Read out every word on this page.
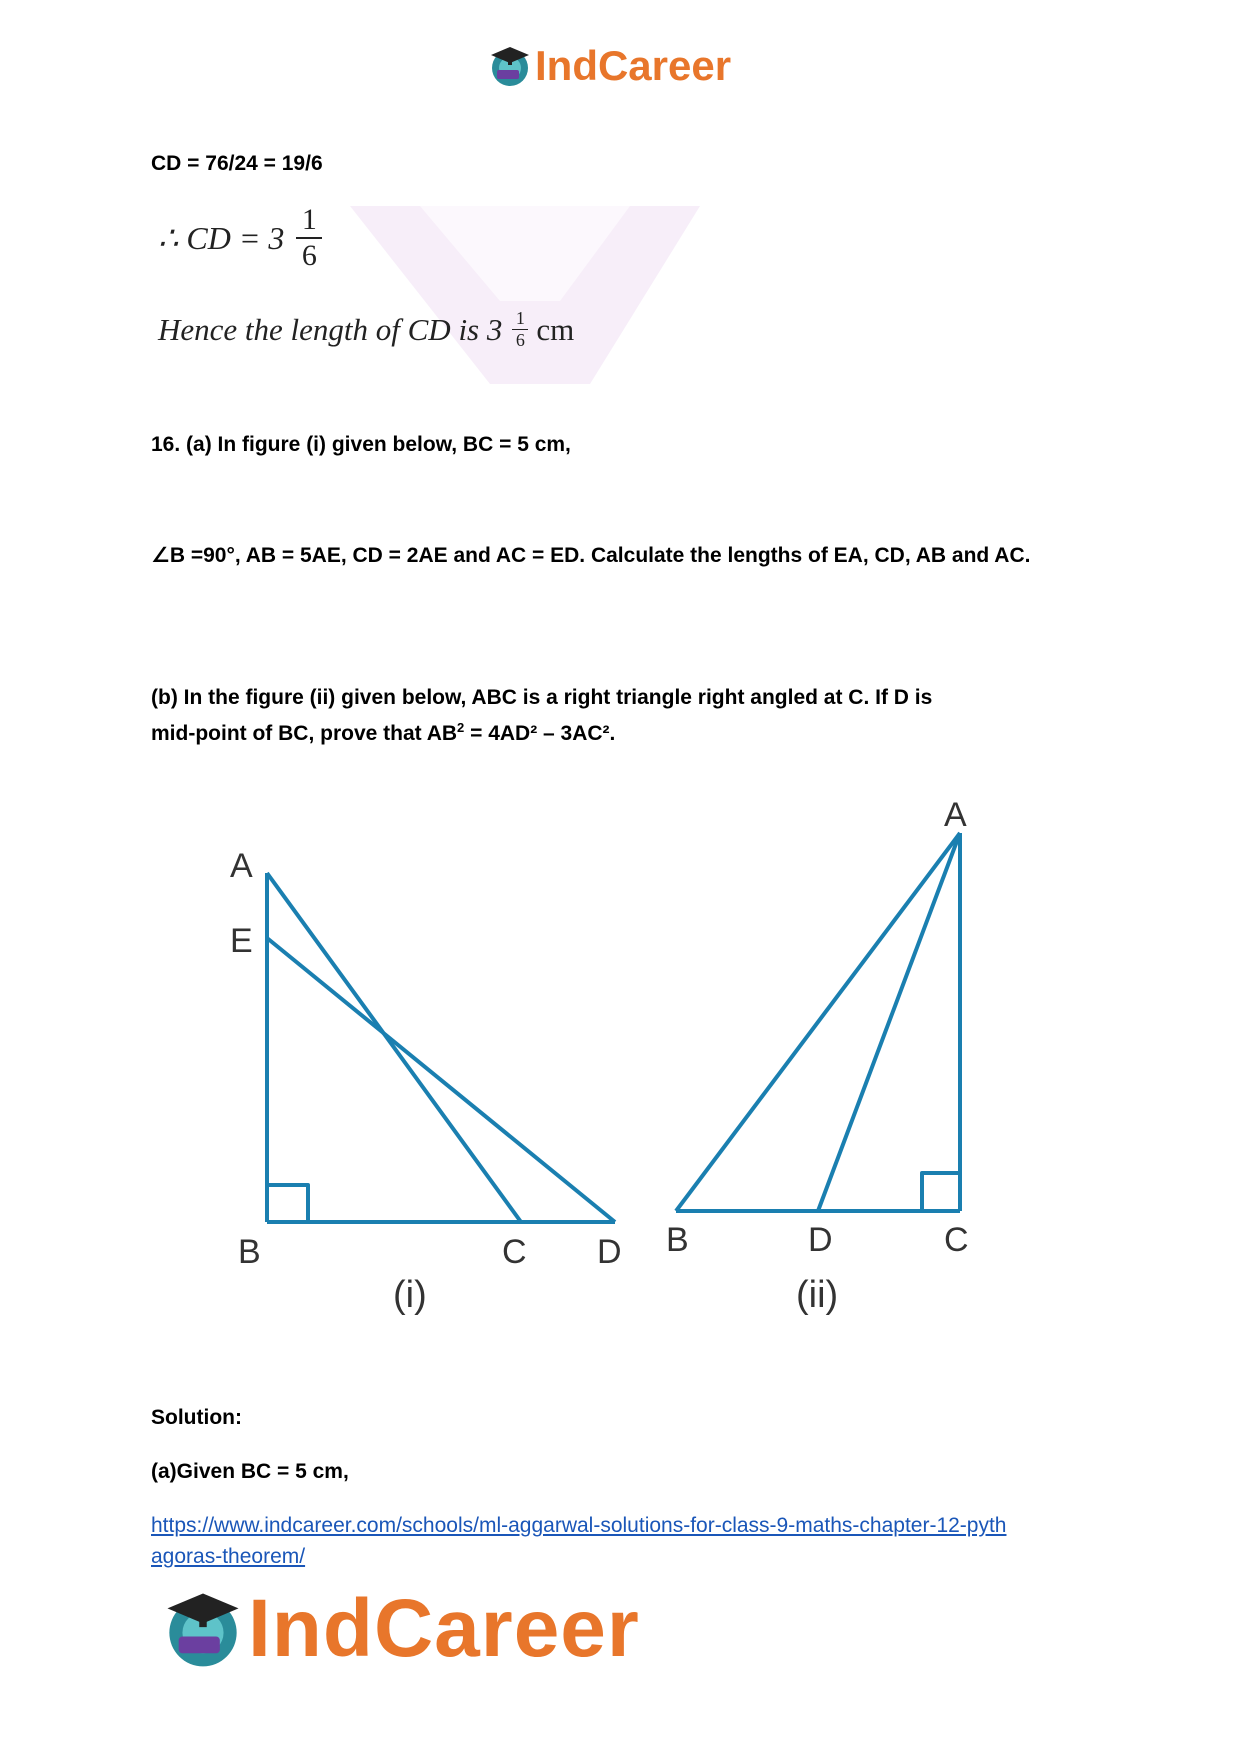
IndCareer
CD = 76/24 = 19/6
∴ CD = $3 \frac{1}{6}$
Hence the length of CD is $3 \frac{1}{6}$ cm
16. (a) In figure (i) given below, BC = 5 cm,
∠B =90°, AB = 5AE, CD = 2AE and AC = ED. Calculate the lengths of EA, CD, AB and AC.
(b) In the figure (ii) given below, ABC is a right triangle right angled at C. If D is
mid-point of BC, prove that $AB^2 = 4AD^2 - 3AC^2$.
A
E
B	C D
(i)
A
B	D	C
(ii)
Solution:
(a)Given BC = 5 cm,
https://www.indcareer.com/schools/ml-aggarwal-solutions-for-class-9-maths-chapter-12-pyth
agoras-theorem/
IndCareer
